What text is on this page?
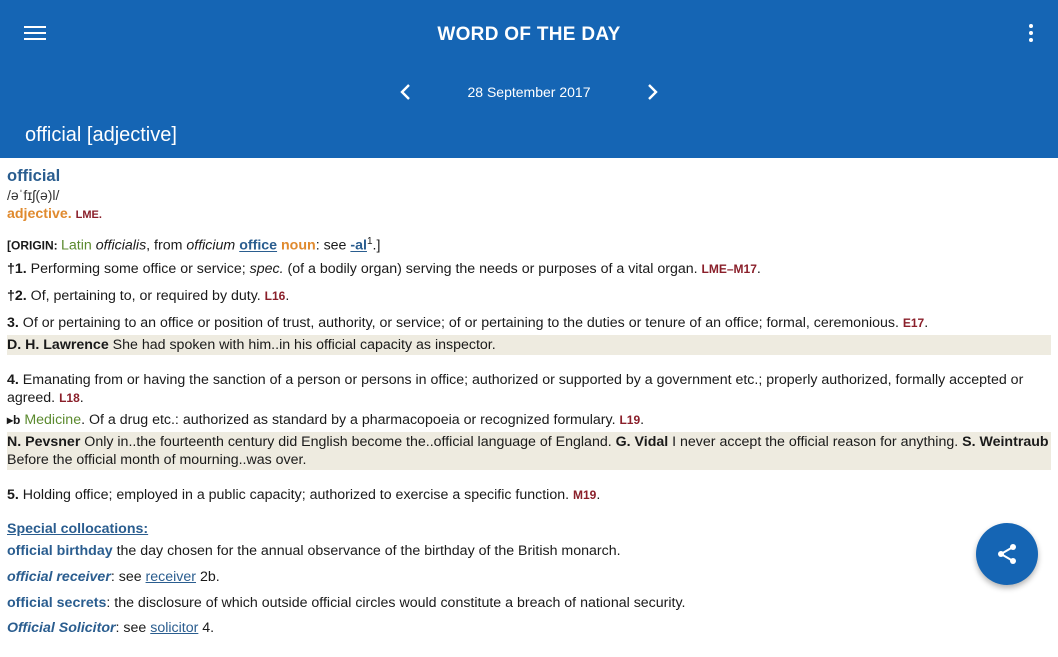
WORD OF THE DAY
28 September 2017
official [adjective]
official
/əˈfɪʃ(ə)l/
adjective. LME.
[ORIGIN: Latin officialis, from officium office noun: see $-al^1$.]
†1. Performing some office or service; spec. (of a bodily organ) serving the needs or purposes of a vital organ. LME–M17.
†2. Of, pertaining to, or required by duty. L16.
3. Of or pertaining to an office or position of trust, authority, or service; of or pertaining to the duties or tenure of an office; formal, ceremonious. E17.
D. H. Lawrence She had spoken with him..in his official capacity as inspector.
4. Emanating from or having the sanction of a person or persons in office; authorized or supported by a government etc.; properly authorized, formally accepted or agreed. L18.
▸b Medicine. Of a drug etc.: authorized as standard by a pharmacopoeia or recognized formulary. L19.
N. Pevsner Only in..the fourteenth century did English become the..official language of England. G. Vidal I never accept the official reason for anything. S. Weintraub Before the official month of mourning..was over.
5. Holding office; employed in a public capacity; authorized to exercise a specific function. M19.
Special collocations:
official birthday the day chosen for the annual observance of the birthday of the British monarch.
official receiver: see receiver 2b.
official secrets: the disclosure of which outside official circles would constitute a breach of national security.
Official Solicitor: see solicitor 4.
